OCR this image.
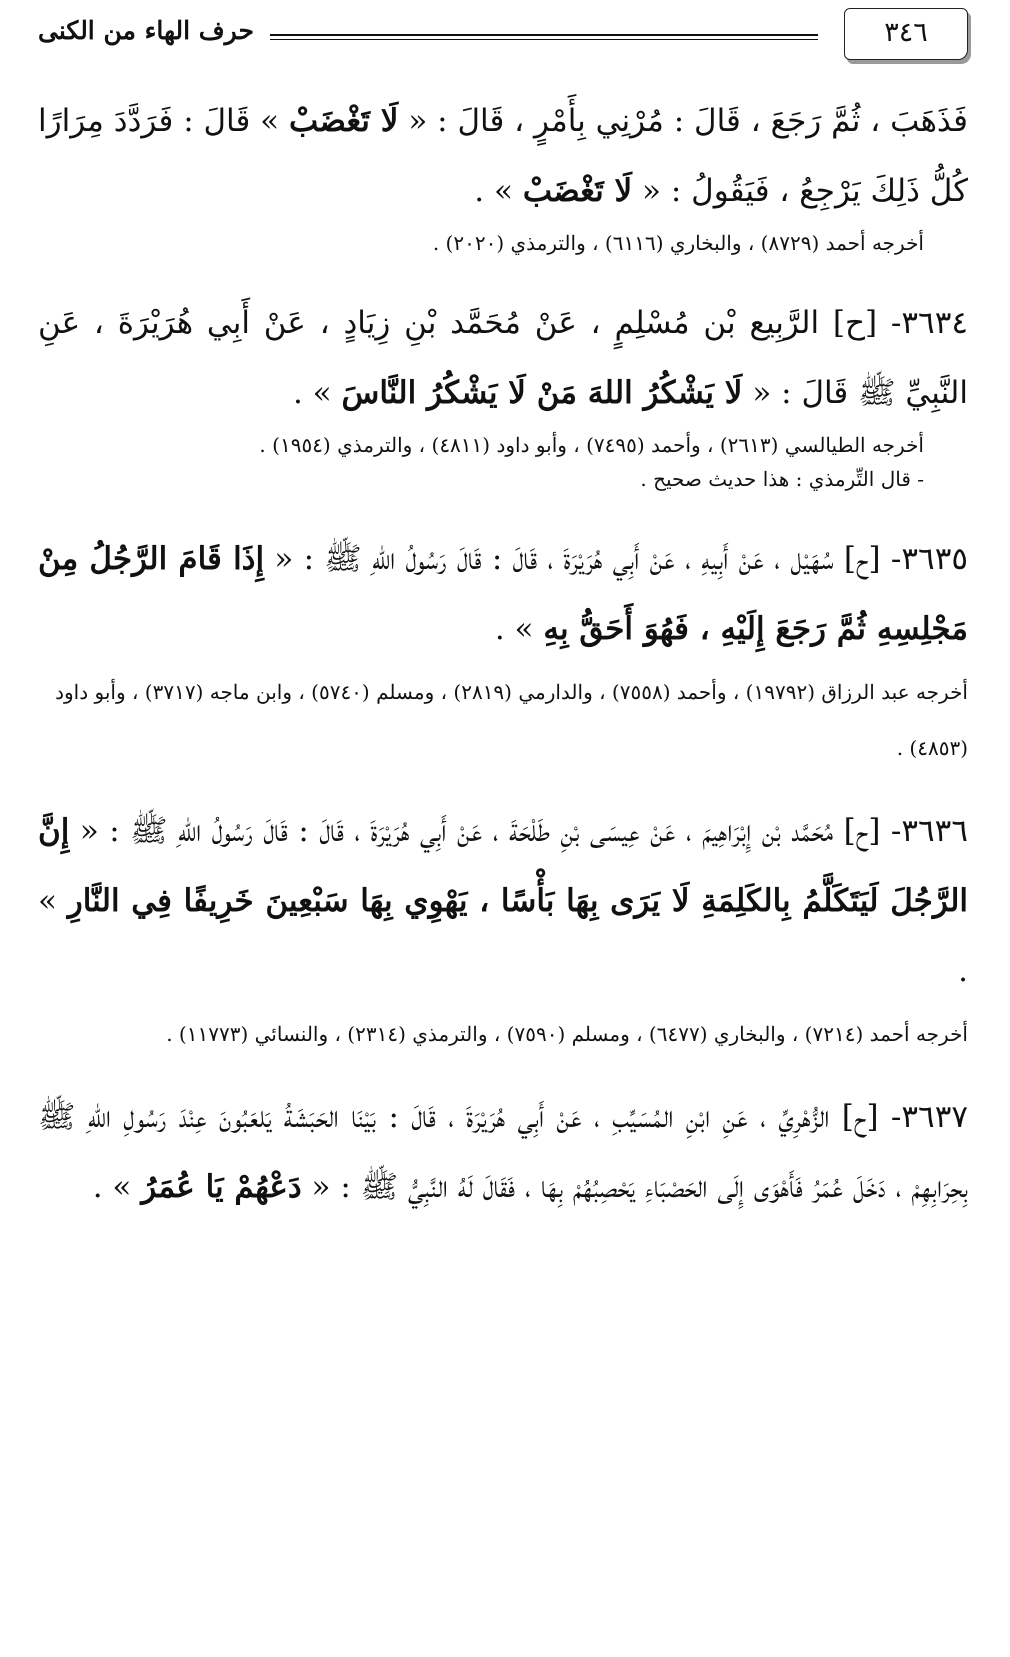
٣٤٦
حرف الهاء من الكنى

فَذَهَبَ ، ثُمَّ رَجَعَ ، قَالَ : مُرْنِي بِأَمْرٍ ، قَالَ : « لَا تَغْضَبْ » قَالَ : فَرَدَّدَ مِرَارًا كُلُّ ذَلِكَ يَرْجِعُ ، فَيَقُولُ : « لَا تَغْضَبْ » .

أخرجه أحمد (٨٧٢٩) ، والبخاري (٦١١٦) ، والترمذي (٢٠٢٠) .

٣٦٣٤- [ح] الرَّبِيع بْن مُسْلِمٍ ، عَنْ مُحَمَّد بْنِ زِيَادٍ ، عَنْ أَبِي هُرَيْرَةَ ، عَنِ النَّبِيِّ ﷺ قَالَ : « لَا يَشْكُرُ اللهَ مَنْ لَا يَشْكُرُ النَّاسَ » .

أخرجه الطيالسي (٢٦١٣) ، وأحمد (٧٤٩٥) ، وأبو داود (٤٨١١) ، والترمذي (١٩٥٤) .

- قال التِّرمذي : هذا حديث صحيح .

٣٦٣٥- [ح] سُهَيْل ، عَنْ أَبِيهِ ، عَنْ أَبِي هُرَيْرَةَ ، قَالَ : قَالَ رَسُولُ اللهِ ﷺ : « إِذَا قَامَ الرَّجُلُ مِنْ مَجْلِسِهِ ثُمَّ رَجَعَ إِلَيْهِ ، فَهُوَ أَحَقُّ بِهِ » .

أخرجه عبد الرزاق (١٩٧٩٢) ، وأحمد (٧٥٥٨) ، والدارمي (٢٨١٩) ، ومسلم (٥٧٤٠) ، وابن ماجه (٣٧١٧) ، وأبو داود (٤٨٥٣) .

٣٦٣٦- [ح] مُحَمَّد بْن إِبْرَاهِيمَ ، عَنْ عِيسَى بْنِ طَلْحَةَ ، عَنْ أَبِي هُرَيْرَةَ ، قَالَ : قَالَ رَسُولُ اللهِ ﷺ : « إِنَّ الرَّجُلَ لَيَتَكَلَّمُ بِالكَلِمَةِ لَا يَرَى بِهَا بَأْسًا ، يَهْوِي بِهَا سَبْعِينَ خَرِيفًا فِي النَّارِ » .

أخرجه أحمد (٧٢١٤) ، والبخاري (٦٤٧٧) ، ومسلم (٧٥٩٠) ، والترمذي (٢٣١٤) ، والنسائي (١١٧٧٣) .

٣٦٣٧- [ح] الزُّهْرِيِّ ، عَنِ ابْنِ المُسَيِّبِ ، عَنْ أَبِي هُرَيْرَةَ ، قَالَ : بَيْنَا الحَبَشَةُ يَلعَبُونَ عِنْدَ رَسُولِ اللهِ ﷺ بِحِرَابِهِمْ ، دَخَلَ عُمَرُ فَأَهْوَى إِلَى الحَصْبَاءِ يَحْصِبُهُمْ بِهَا ، فَقَالَ لَهُ النَّبِيُّ ﷺ : « دَعْهُمْ يَا عُمَرُ » .
